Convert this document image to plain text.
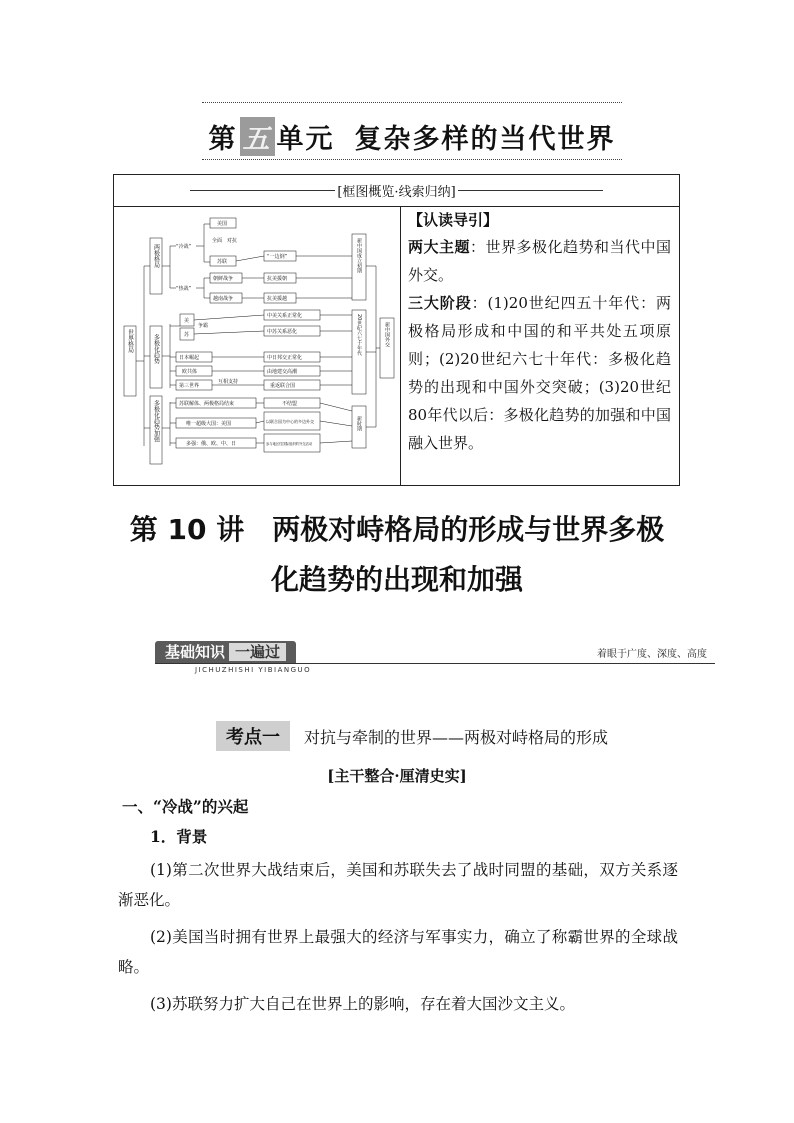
第 五 单元 复杂多样的当代世界
[框图概览·线索归纳]
世界格局
两极格局
多极化趋势
多极化趋势加强
“冷战”
“热战”
美国
全面　对抗
苏联
朝鲜战争
越南战争
抗美援朝
抗美援越
“一边倒”
美
苏
争霸
日本崛起
欧共体
第三世界
互相支持
中美关系正常化
中苏关系恶化
中日邦交正常化
由地建交高潮
重返联合国
苏联解体、两极格局结束
唯一超级大国：美国
多强：俄、欧、中、日
不结盟
以联合国为中心的多边外交
参与地区性国际组织的外交活动
新中国成立初期
20世纪六七十年代
新时期
新中国外交
【认读导引】
两大主题：世界多极化趋势和当代中国外交。
三大阶段：(1)20世纪四五十年代：两极格局形成和中国的和平共处五项原则；(2)20世纪六七十年代：多极化趋势的出现和中国外交突破；(3)20世纪80年代以后：多极化趋势的加强和中国融入世界。
第 10 讲　两极对峙格局的形成与世界多极
化趋势的出现和加强
基础知识 一遍过
JICHUZHISHI YIBIANGUO
着眼于广度、深度、高度
考点一	对抗与牵制的世界——两极对峙格局的形成
[主干整合·厘清史实]

一、“冷战”的兴起

1．背景

(1)第二次世界大战结束后，美国和苏联失去了战时同盟的基础，双方关系逐渐恶化。

(2)美国当时拥有世界上最强大的经济与军事实力，确立了称霸世界的全球战略。

(3)苏联努力扩大自己在世界上的影响，存在着大国沙文主义。
